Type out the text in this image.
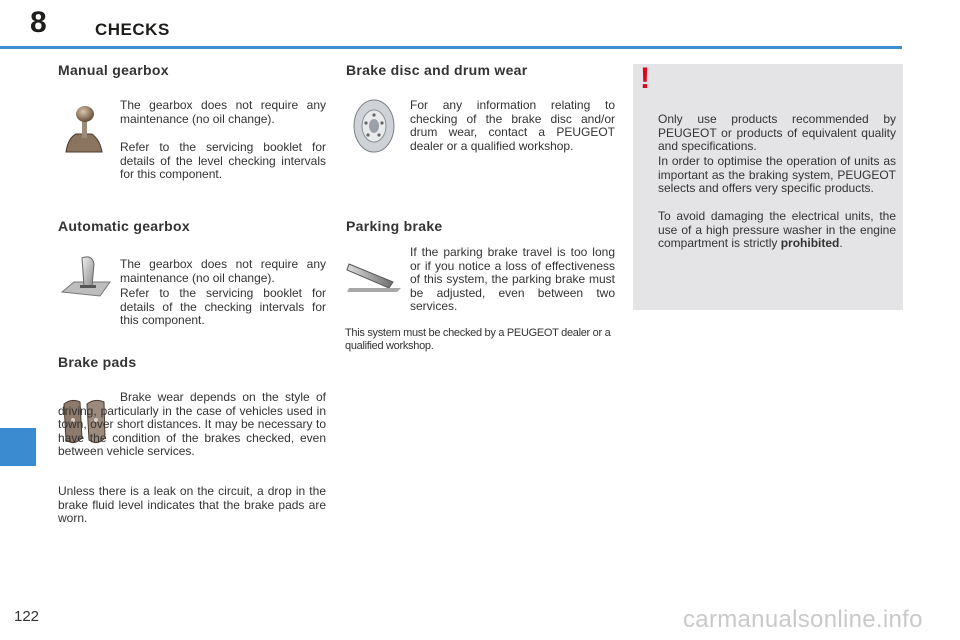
8	CHECKS
Manual gearbox

The gearbox does not require any maintenance (no oil change).

Refer to the servicing booklet for details of the level checking intervals for this component.

Automatic gearbox

The gearbox does not require any maintenance (no oil change).

Refer to the servicing booklet for details of the checking intervals for this component.

Brake pads

Brake wear depends on the style of driving, particularly in the case of vehicles used in town, over short distances. It may be necessary to have the condition of the brakes checked, even between vehicle services.

Unless there is a leak on the circuit, a drop in the brake fluid level indicates that the brake pads are worn.

Brake disc and drum wear

For any information relating to checking of the brake disc and/or drum wear, contact a PEUGEOT dealer or a qualified workshop.

Parking brake

If the parking brake travel is too long or if you notice a loss of effectiveness of this system, the parking brake must be adjusted, even between two services.

This system must be checked by a PEUGEOT dealer or a qualified workshop.

!

Only use products recommended by PEUGEOT or products of equivalent quality and specifications.

In order to optimise the operation of units as important as the braking system, PEUGEOT selects and offers very specific products.

To avoid damaging the electrical units, the use of a high pressure washer in the engine compartment is strictly prohibited.

122	carmanualsonline.info
